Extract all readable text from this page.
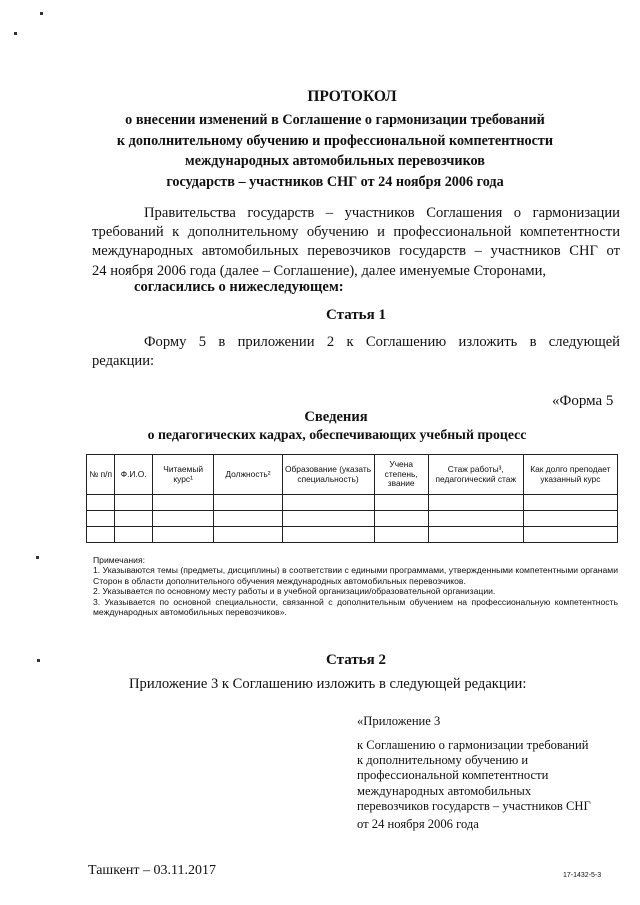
ПРОТОКОЛ
о внесении изменений в Соглашение о гармонизации требований
к дополнительному обучению и профессиональной компетентности
международных автомобильных перевозчиков
государств – участников СНГ от 24 ноября 2006 года
Правительства государств – участников Соглашения о гармонизации
требований к дополнительному обучению и профессиональной компетентности
международных автомобильных перевозчиков государств – участников СНГ от
24 ноября 2006 года (далее – Соглашение), далее именуемые Сторонами,
согласились о нижеследующем:
Статья 1
Форму 5 в приложении 2 к Соглашению изложить в следующей
редакции:
«Форма 5
Сведения
о педагогических кадрах, обеспечивающих учебный процесс
№ п/п	Ф.И.О.	Читаемый курс¹	Должность²	Образование (указать специальность)	Учена степень, звание	Стаж работы³, педагогический стаж	Как долго преподает указанный курс

Примечания:
1. Указываются темы (предметы, дисциплины) в соответствии с едиными программами, утвержденными компетентными органами Сторон в области дополнительного обучения международных автомобильных перевозчиков.
2. Указывается по основному месту работы и в учебной организации/образовательной организации.
3. Указывается по основной специальности, связанной с дополнительным обучением на профессиональную компетентность международных автомобильных перевозчиков».
Статья 2
Приложение 3 к Соглашению изложить в следующей редакции:
«Приложение 3
к Соглашению о гармонизации требований
к дополнительному обучению и
профессиональной компетентности
международных автомобильных
перевозчиков государств – участников СНГ
от 24 ноября 2006 года
Ташкент – 03.11.2017	17-1432-5-3
